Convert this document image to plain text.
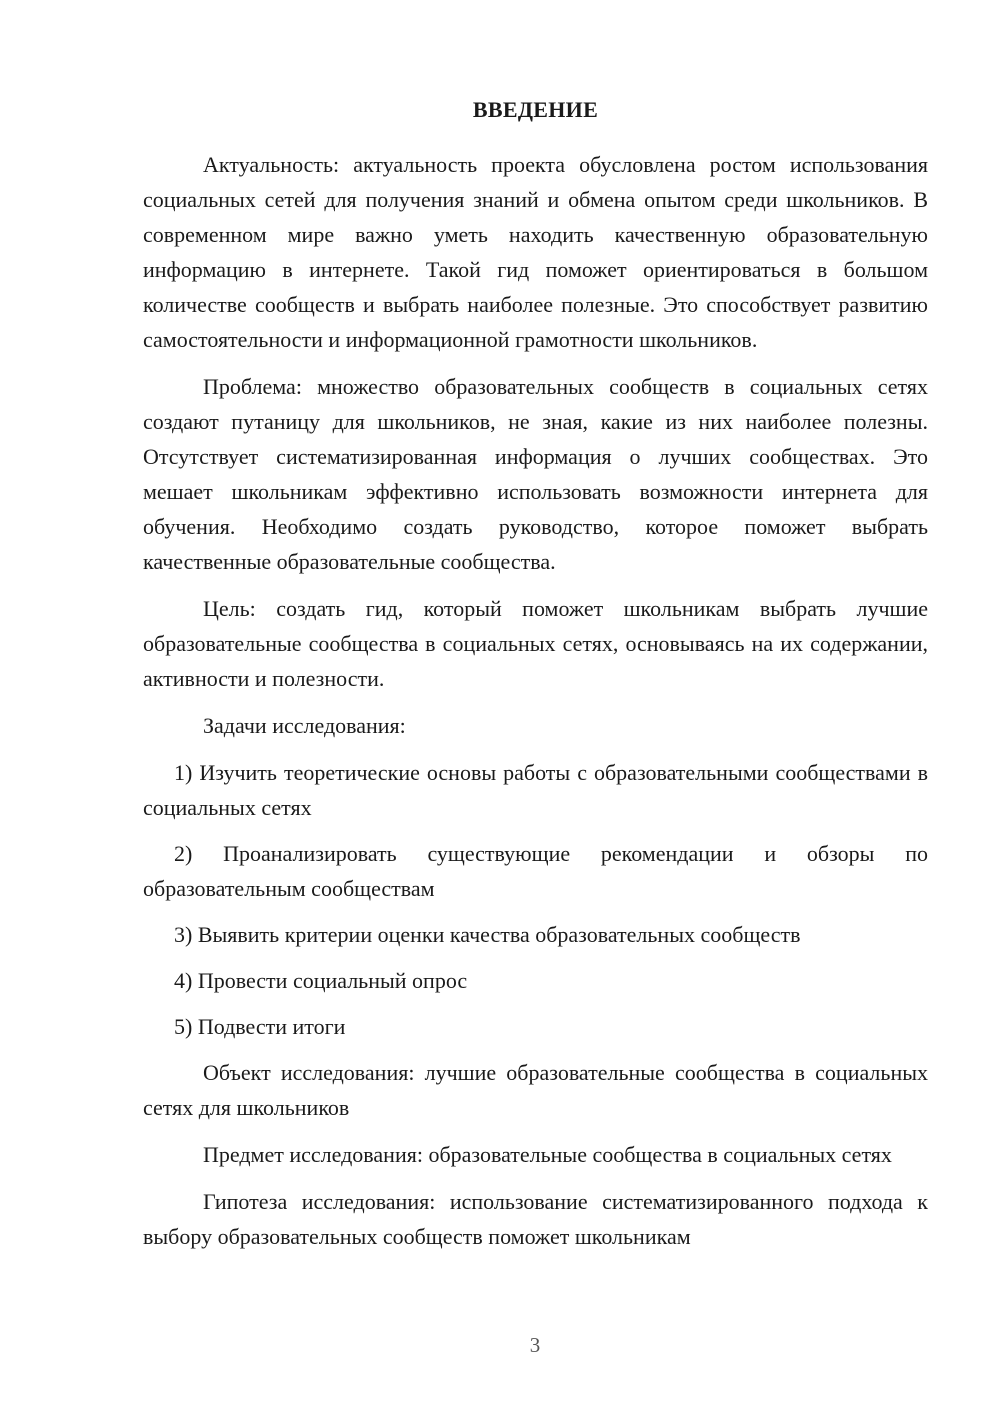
ВВЕДЕНИЕ

Актуальность: актуальность проекта обусловлена ростом использования социальных сетей для получения знаний и обмена опытом среди школьников. В современном мире важно уметь находить качественную образовательную информацию в интернете. Такой гид поможет ориентироваться в большом количестве сообществ и выбрать наиболее полезные. Это способствует развитию самостоятельности и информационной грамотности школьников.

Проблема: множество образовательных сообществ в социальных сетях создают путаницу для школьников, не зная, какие из них наиболее полезны. Отсутствует систематизированная информация о лучших сообществах. Это мешает школьникам эффективно использовать возможности интернета для обучения. Необходимо создать руководство, которое поможет выбрать качественные образовательные сообщества.

Цель: создать гид, который поможет школьникам выбрать лучшие образовательные сообщества в социальных сетях, основываясь на их содержании, активности и полезности.

Задачи исследования:

1) Изучить теоретические основы работы с образовательными сообществами в социальных сетях

2) Проанализировать существующие рекомендации и обзоры по образовательным сообществам

3) Выявить критерии оценки качества образовательных сообществ

4) Провести социальный опрос

5) Подвести итоги

Объект исследования: лучшие образовательные сообщества в социальных сетях для школьников

Предмет исследования: образовательные сообщества в социальных сетях

Гипотеза исследования: использование систематизированного подхода к выбору образовательных сообществ поможет школьникам

3
